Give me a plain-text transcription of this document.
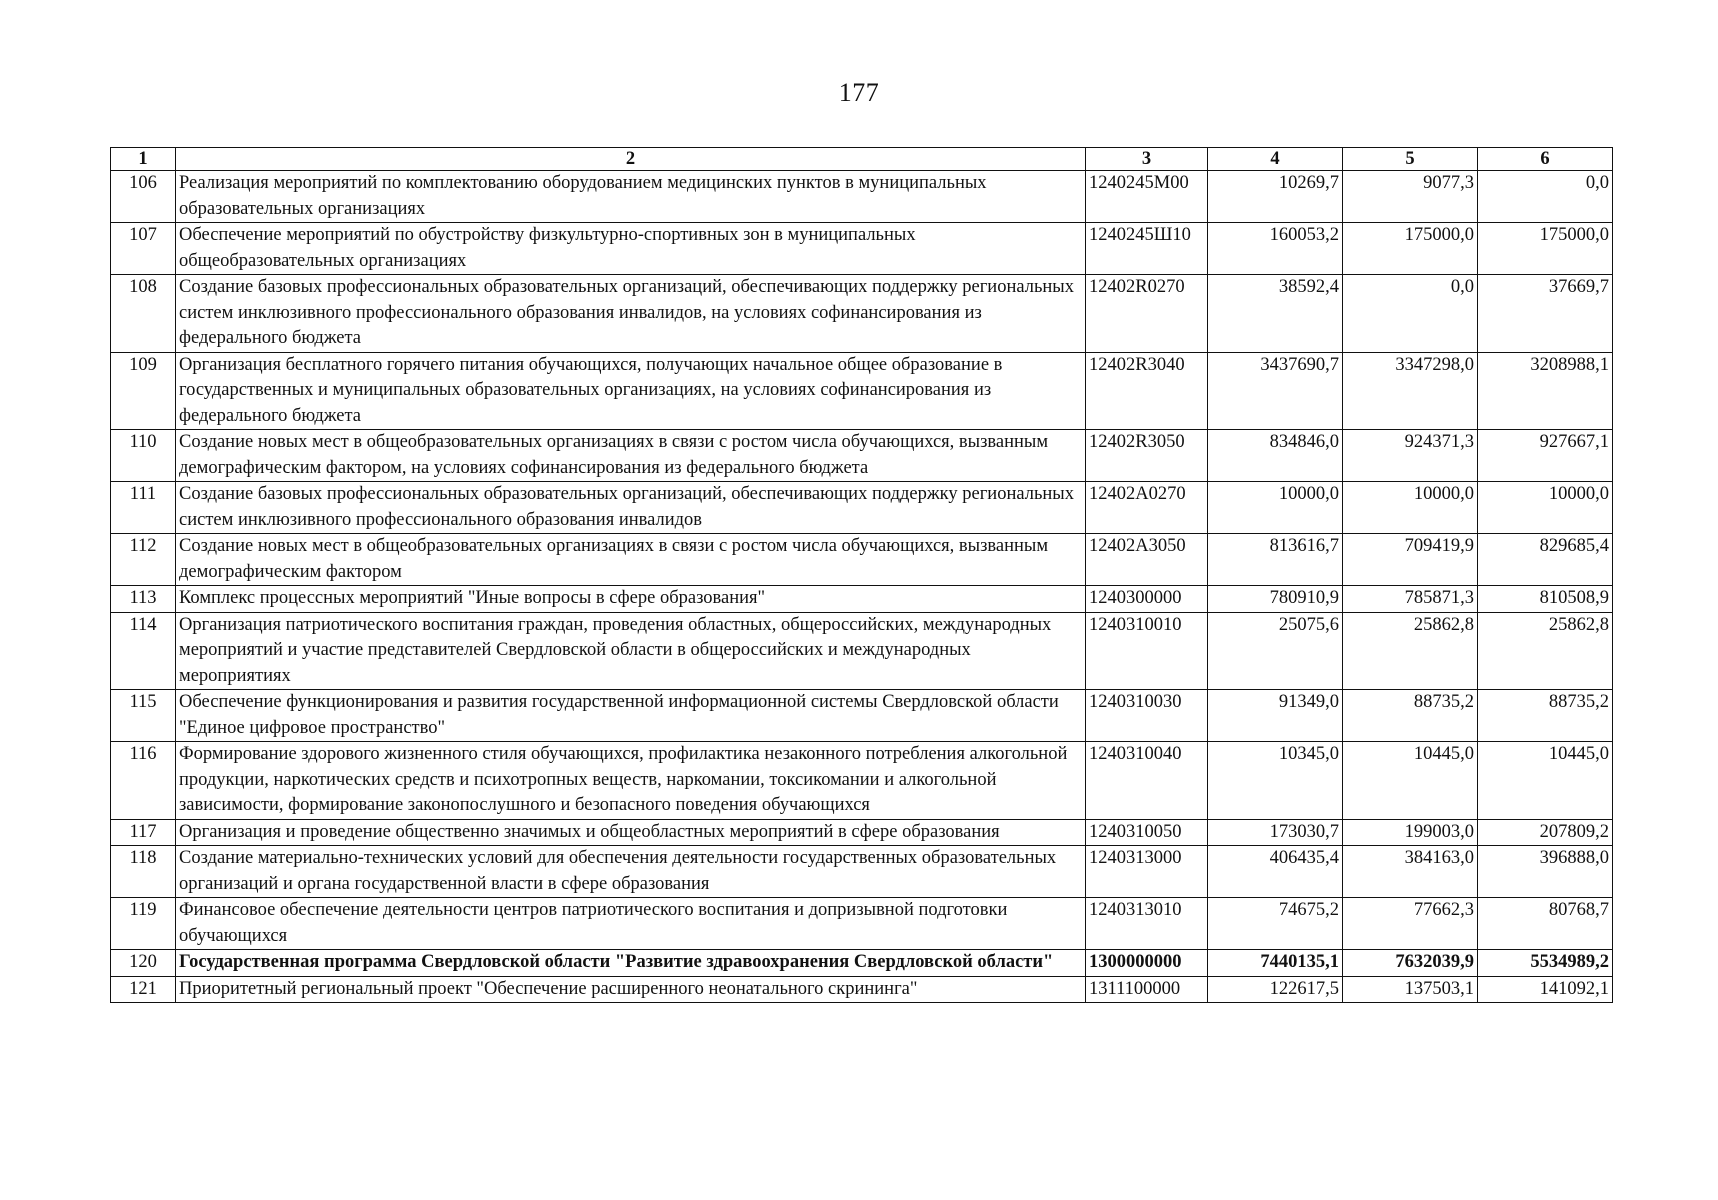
177
1	2	3	4	5	6
106	Реализация мероприятий по комплектованию оборудованием медицинских пунктов в муниципальных образовательных организациях	1240245М00	10269,7	9077,3	0,0
107	Обеспечение мероприятий по обустройству физкультурно-спортивных зон в муниципальных общеобразовательных организациях	1240245Ш10	160053,2	175000,0	175000,0
108	Создание базовых профессиональных образовательных организаций, обеспечивающих поддержку региональных систем инклюзивного профессионального образования инвалидов, на условиях софинансирования из федерального бюджета	12402R0270	38592,4	0,0	37669,7
109	Организация бесплатного горячего питания обучающихся, получающих начальное общее образование в государственных и муниципальных образовательных организациях, на условиях софинансирования из федерального бюджета	12402R3040	3437690,7	3347298,0	3208988,1
110	Создание новых мест в общеобразовательных организациях в связи с ростом числа обучающихся, вызванным демографическим фактором, на условиях софинансирования из федерального бюджета	12402R3050	834846,0	924371,3	927667,1
111	Создание базовых профессиональных образовательных организаций, обеспечивающих поддержку региональных систем инклюзивного профессионального образования инвалидов	12402A0270	10000,0	10000,0	10000,0
112	Создание новых мест в общеобразовательных организациях в связи с ростом числа обучающихся, вызванным демографическим фактором	12402A3050	813616,7	709419,9	829685,4
113	Комплекс процессных мероприятий "Иные вопросы в сфере образования"	1240300000	780910,9	785871,3	810508,9
114	Организация патриотического воспитания граждан, проведения областных, общероссийских, международных мероприятий и участие представителей Свердловской области в общероссийских и международных мероприятиях	1240310010	25075,6	25862,8	25862,8
115	Обеспечение функционирования и развития государственной информационной системы Свердловской области "Единое цифровое пространство"	1240310030	91349,0	88735,2	88735,2
116	Формирование здорового жизненного стиля обучающихся, профилактика незаконного потребления алкогольной продукции, наркотических средств и психотропных веществ, наркомании, токсикомании и алкогольной зависимости, формирование законопослушного и безопасного поведения обучающихся	1240310040	10345,0	10445,0	10445,0
117	Организация и проведение общественно значимых и общеобластных мероприятий в сфере образования	1240310050	173030,7	199003,0	207809,2
118	Создание материально-технических условий для обеспечения деятельности государственных образовательных организаций и органа государственной власти в сфере образования	1240313000	406435,4	384163,0	396888,0
119	Финансовое обеспечение деятельности центров патриотического воспитания и допризывной подготовки обучающихся	1240313010	74675,2	77662,3	80768,7
120	Государственная программа Свердловской области "Развитие здравоохранения Свердловской области"	1300000000	7440135,1	7632039,9	5534989,2
121	Приоритетный региональный проект "Обеспечение расширенного неонатального скрининга"	1311100000	122617,5	137503,1	141092,1
